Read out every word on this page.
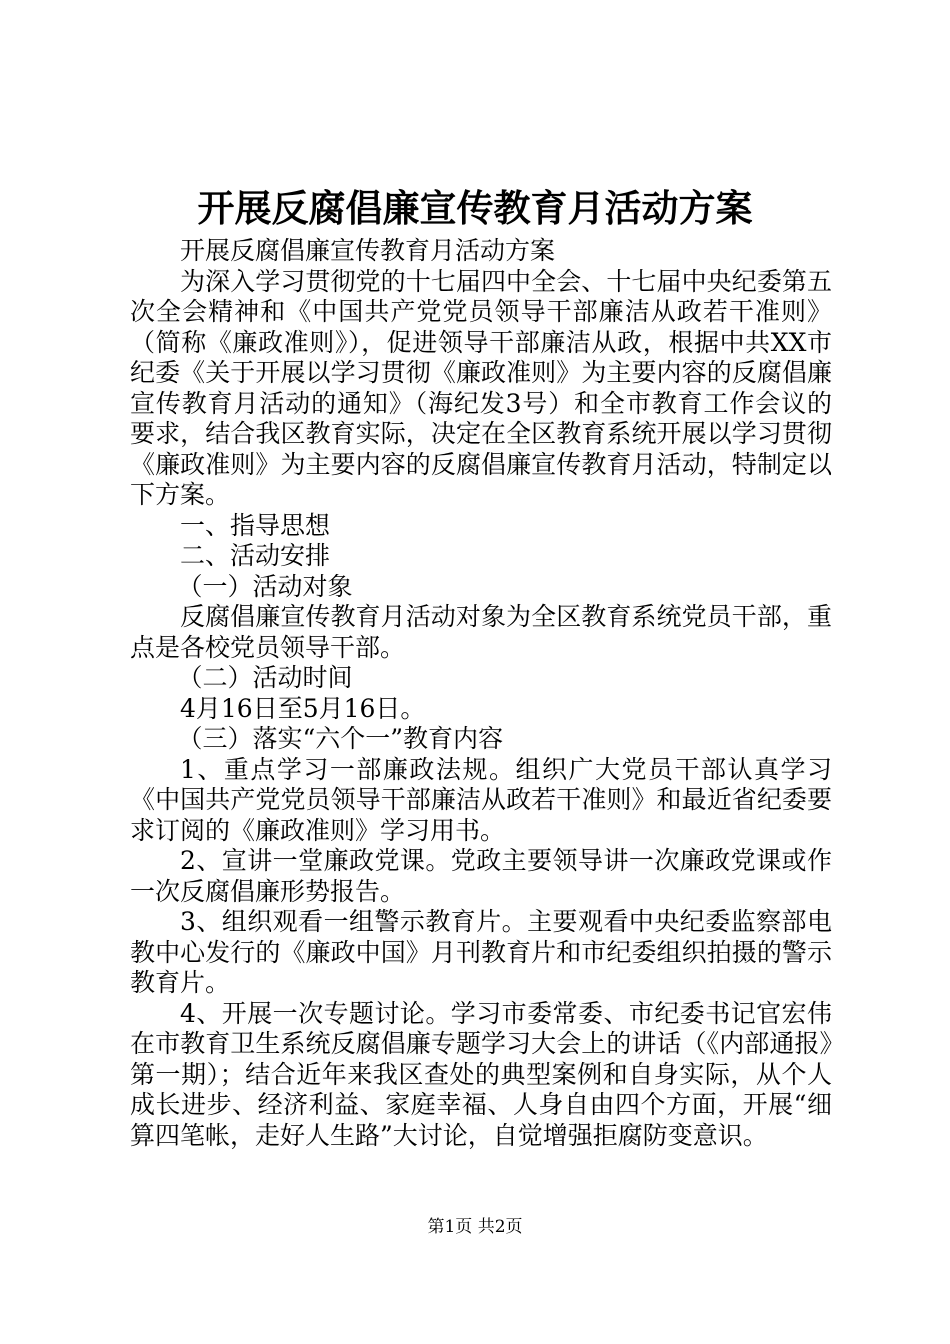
开展反腐倡廉宣传教育月活动方案

开展反腐倡廉宣传教育月活动方案

为深入学习贯彻党的十七届四中全会、十七届中央纪委第五次全会精神和《中国共产党党员领导干部廉洁从政若干准则》（简称《廉政准则》），促进领导干部廉洁从政，根据中共XX市纪委《关于开展以学习贯彻《廉政准则》为主要内容的反腐倡廉宣传教育月活动的通知》（海纪发3号）和全市教育工作会议的要求，结合我区教育实际，决定在全区教育系统开展以学习贯彻《廉政准则》为主要内容的反腐倡廉宣传教育月活动，特制定以下方案。

一、指导思想

二、活动安排

（一）活动对象

反腐倡廉宣传教育月活动对象为全区教育系统党员干部，重点是各校党员领导干部。

（二）活动时间

4月16日至5月16日。

（三）落实“六个一”教育内容

1、重点学习一部廉政法规。组织广大党员干部认真学习《中国共产党党员领导干部廉洁从政若干准则》和最近省纪委要求订阅的《廉政准则》学习用书。

2、宣讲一堂廉政党课。党政主要领导讲一次廉政党课或作一次反腐倡廉形势报告。

3、组织观看一组警示教育片。主要观看中央纪委监察部电教中心发行的《廉政中国》月刊教育片和市纪委组织拍摄的警示教育片。

4、开展一次专题讨论。学习市委常委、市纪委书记官宏伟在市教育卫生系统反腐倡廉专题学习大会上的讲话（《内部通报》第一期）；结合近年来我区查处的典型案例和自身实际，从个人成长进步、经济利益、家庭幸福、人身自由四个方面，开展“细算四笔帐，走好人生路”大讨论，自觉增强拒腐防变意识。

第1页 共2页
